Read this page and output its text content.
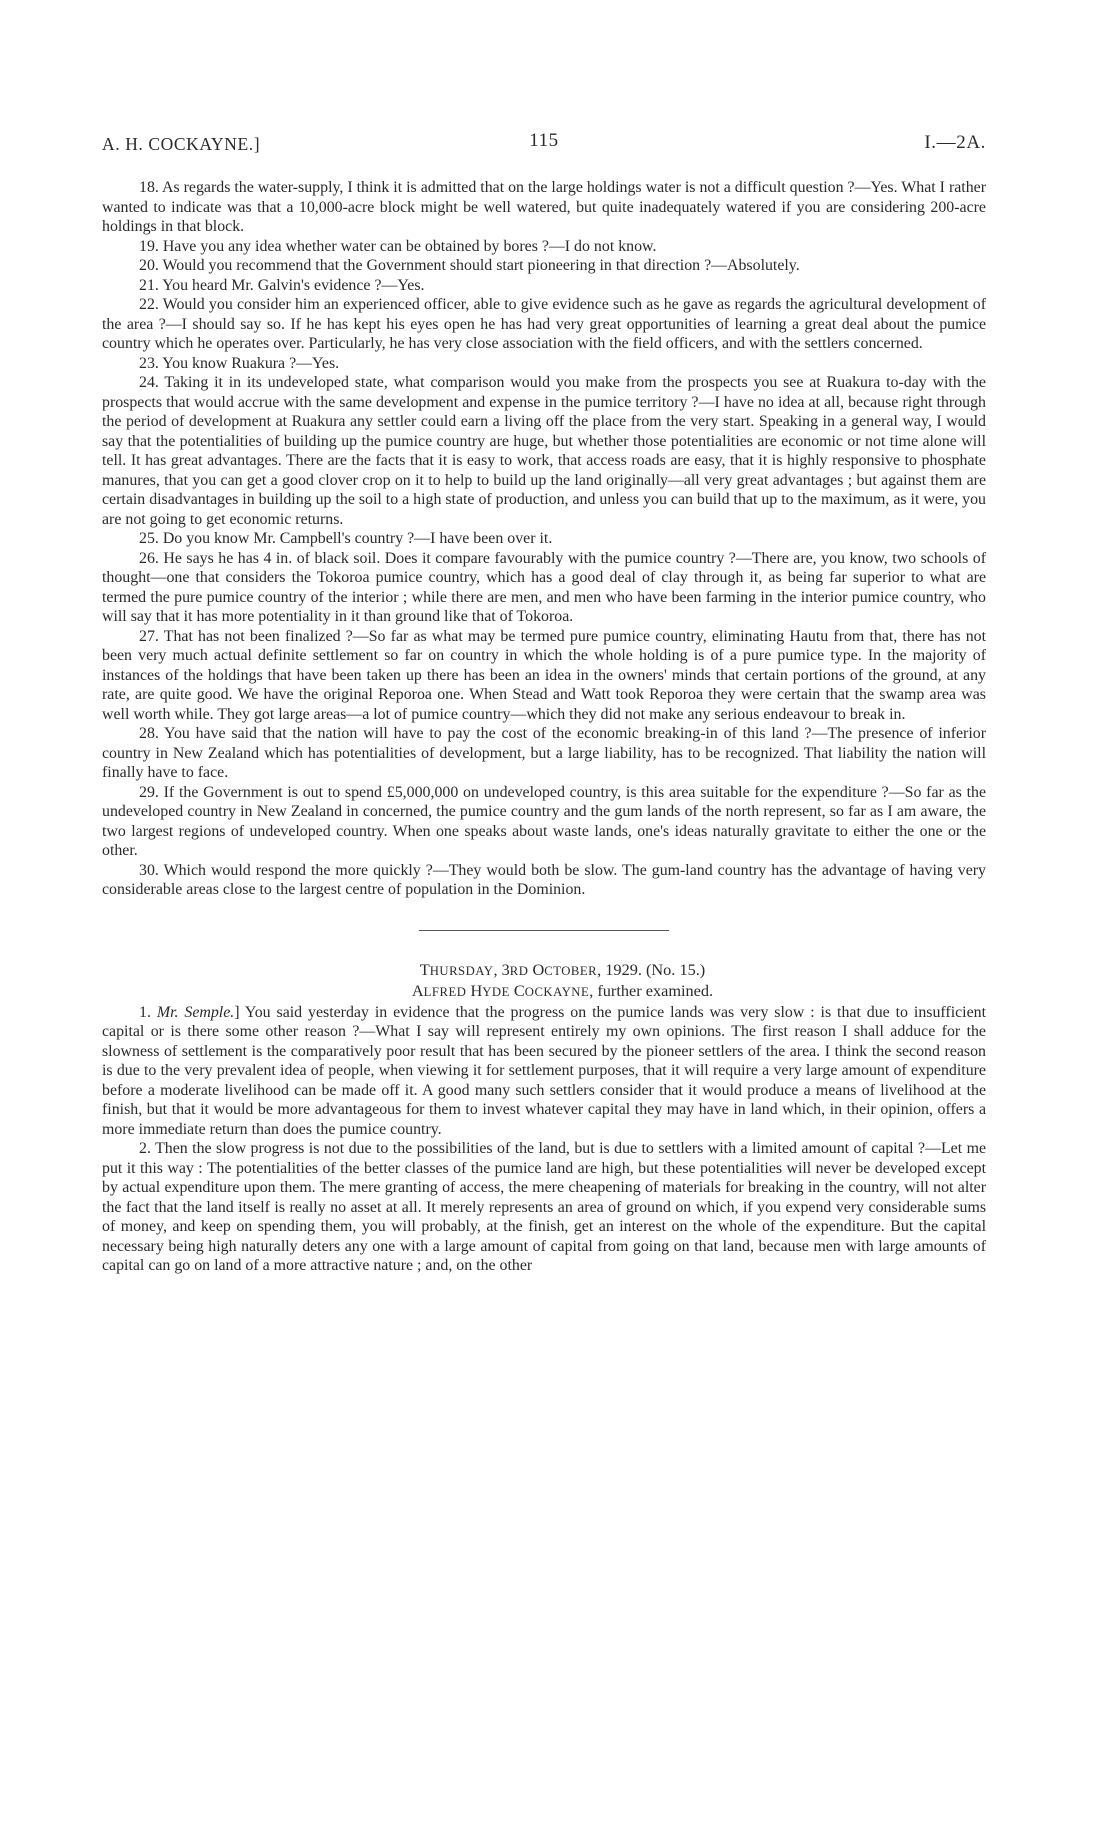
A. H. COCKAYNE.]	115	I.—2A.

18. As regards the water-supply, I think it is admitted that on the large holdings water is not a difficult question ?—Yes. What I rather wanted to indicate was that a 10,000-acre block might be well watered, but quite inadequately watered if you are considering 200-acre holdings in that block.

19. Have you any idea whether water can be obtained by bores ?—I do not know.

20. Would you recommend that the Government should start pioneering in that direction ?—Absolutely.

21. You heard Mr. Galvin's evidence ?—Yes.

22. Would you consider him an experienced officer, able to give evidence such as he gave as regards the agricultural development of the area ?—I should say so. If he has kept his eyes open he has had very great opportunities of learning a great deal about the pumice country which he operates over. Particularly, he has very close association with the field officers, and with the settlers concerned.

23. You know Ruakura ?—Yes.

24. Taking it in its undeveloped state, what comparison would you make from the prospects you see at Ruakura to-day with the prospects that would accrue with the same development and expense in the pumice territory ?—I have no idea at all, because right through the period of development at Ruakura any settler could earn a living off the place from the very start. Speaking in a general way, I would say that the potentialities of building up the pumice country are huge, but whether those potentialities are economic or not time alone will tell. It has great advantages. There are the facts that it is easy to work, that access roads are easy, that it is highly responsive to phosphate manures, that you can get a good clover crop on it to help to build up the land originally—all very great advantages ; but against them are certain disadvantages in building up the soil to a high state of production, and unless you can build that up to the maximum, as it were, you are not going to get economic returns.

25. Do you know Mr. Campbell's country ?—I have been over it.

26. He says he has 4 in. of black soil. Does it compare favourably with the pumice country ?—There are, you know, two schools of thought—one that considers the Tokoroa pumice country, which has a good deal of clay through it, as being far superior to what are termed the pure pumice country of the interior ; while there are men, and men who have been farming in the interior pumice country, who will say that it has more potentiality in it than ground like that of Tokoroa.

27. That has not been finalized ?—So far as what may be termed pure pumice country, eliminating Hautu from that, there has not been very much actual definite settlement so far on country in which the whole holding is of a pure pumice type. In the majority of instances of the holdings that have been taken up there has been an idea in the owners' minds that certain portions of the ground, at any rate, are quite good. We have the original Reporoa one. When Stead and Watt took Reporoa they were certain that the swamp area was well worth while. They got large areas—a lot of pumice country—which they did not make any serious endeavour to break in.

28. You have said that the nation will have to pay the cost of the economic breaking-in of this land ?—The presence of inferior country in New Zealand which has potentialities of development, but a large liability, has to be recognized. That liability the nation will finally have to face.

29. If the Government is out to spend £5,000,000 on undeveloped country, is this area suitable for the expenditure ?—So far as the undeveloped country in New Zealand in concerned, the pumice country and the gum lands of the north represent, so far as I am aware, the two largest regions of undeveloped country. When one speaks about waste lands, one's ideas naturally gravitate to either the one or the other.

30. Which would respond the more quickly ?—They would both be slow. The gum-land country has the advantage of having very considerable areas close to the largest centre of population in the Dominion.

THURSDAY, 3RD OCTOBER, 1929. (No. 15.)

ALFRED HYDE COCKAYNE, further examined.

1. Mr. Semple.] You said yesterday in evidence that the progress on the pumice lands was very slow : is that due to insufficient capital or is there some other reason ?—What I say will represent entirely my own opinions. The first reason I shall adduce for the slowness of settlement is the comparatively poor result that has been secured by the pioneer settlers of the area. I think the second reason is due to the very prevalent idea of people, when viewing it for settlement purposes, that it will require a very large amount of expenditure before a moderate livelihood can be made off it. A good many such settlers consider that it would produce a means of livelihood at the finish, but that it would be more advantageous for them to invest whatever capital they may have in land which, in their opinion, offers a more immediate return than does the pumice country.

2. Then the slow progress is not due to the possibilities of the land, but is due to settlers with a limited amount of capital ?—Let me put it this way : The potentialities of the better classes of the pumice land are high, but these potentialities will never be developed except by actual expenditure upon them. The mere granting of access, the mere cheapening of materials for breaking in the country, will not alter the fact that the land itself is really no asset at all. It merely represents an area of ground on which, if you expend very considerable sums of money, and keep on spending them, you will probably, at the finish, get an interest on the whole of the expenditure. But the capital necessary being high naturally deters any one with a large amount of capital from going on that land, because men with large amounts of capital can go on land of a more attractive nature ; and, on the other
